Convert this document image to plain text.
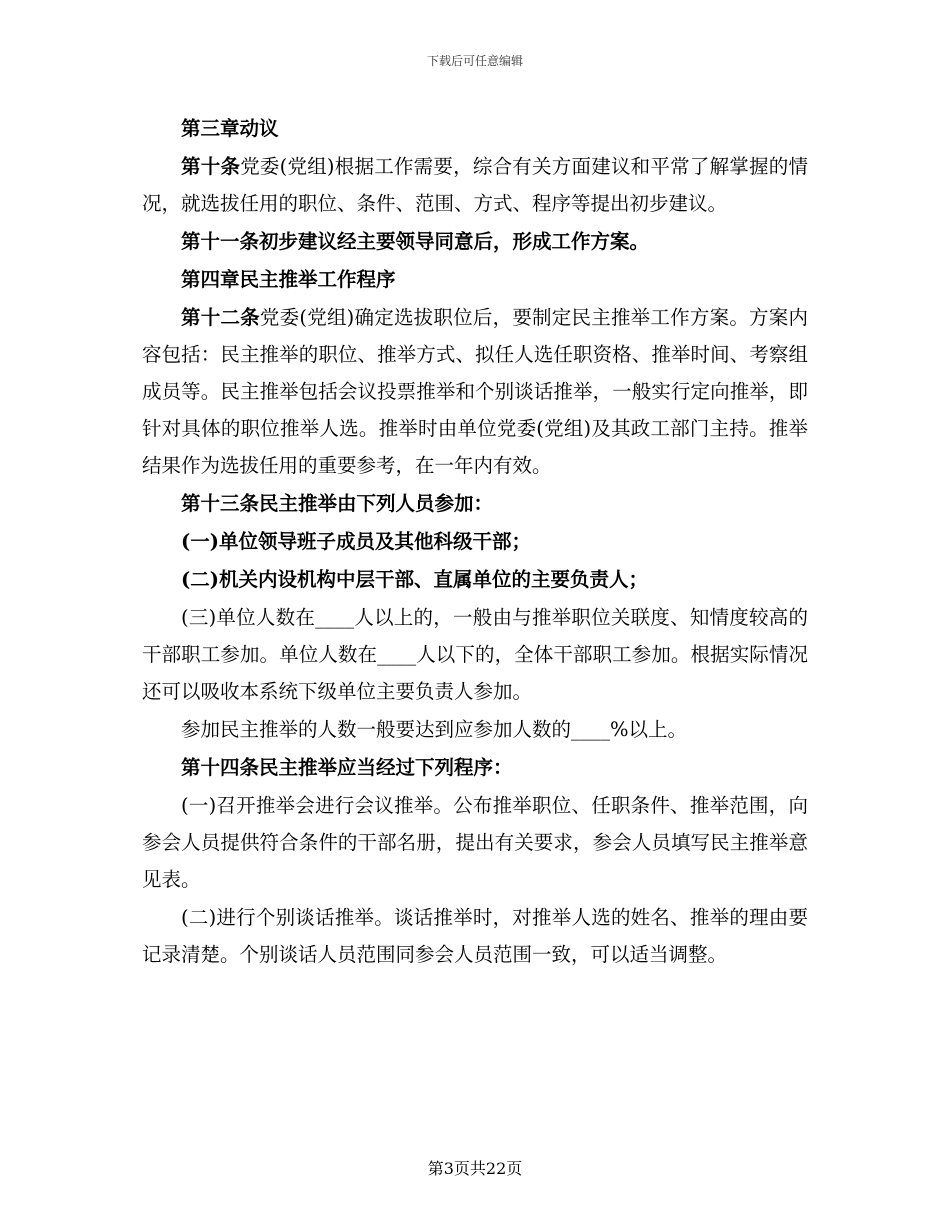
下载后可任意编辑

第三章动议

第十条党委(党组)根据工作需要，综合有关方面建议和平常了解掌握的情况，就选拔任用的职位、条件、范围、方式、程序等提出初步建议。

第十一条初步建议经主要领导同意后，形成工作方案。

第四章民主推举工作程序

第十二条党委(党组)确定选拔职位后，要制定民主推举工作方案。方案内容包括：民主推举的职位、推举方式、拟任人选任职资格、推举时间、考察组成员等。民主推举包括会议投票推举和个别谈话推举，一般实行定向推举，即针对具体的职位推举人选。推举时由单位党委(党组)及其政工部门主持。推举结果作为选拔任用的重要参考，在一年内有效。

第十三条民主推举由下列人员参加：

(一)单位领导班子成员及其他科级干部；

(二)机关内设机构中层干部、直属单位的主要负责人；

(三)单位人数在____人以上的，一般由与推举职位关联度、知情度较高的干部职工参加。单位人数在____人以下的，全体干部职工参加。根据实际情况还可以吸收本系统下级单位主要负责人参加。

参加民主推举的人数一般要达到应参加人数的____%以上。

第十四条民主推举应当经过下列程序：

(一)召开推举会进行会议推举。公布推举职位、任职条件、推举范围，向参会人员提供符合条件的干部名册，提出有关要求，参会人员填写民主推举意见表。

(二)进行个别谈话推举。谈话推举时，对推举人选的姓名、推举的理由要记录清楚。个别谈话人员范围同参会人员范围一致，可以适当调整。

第3页共22页
